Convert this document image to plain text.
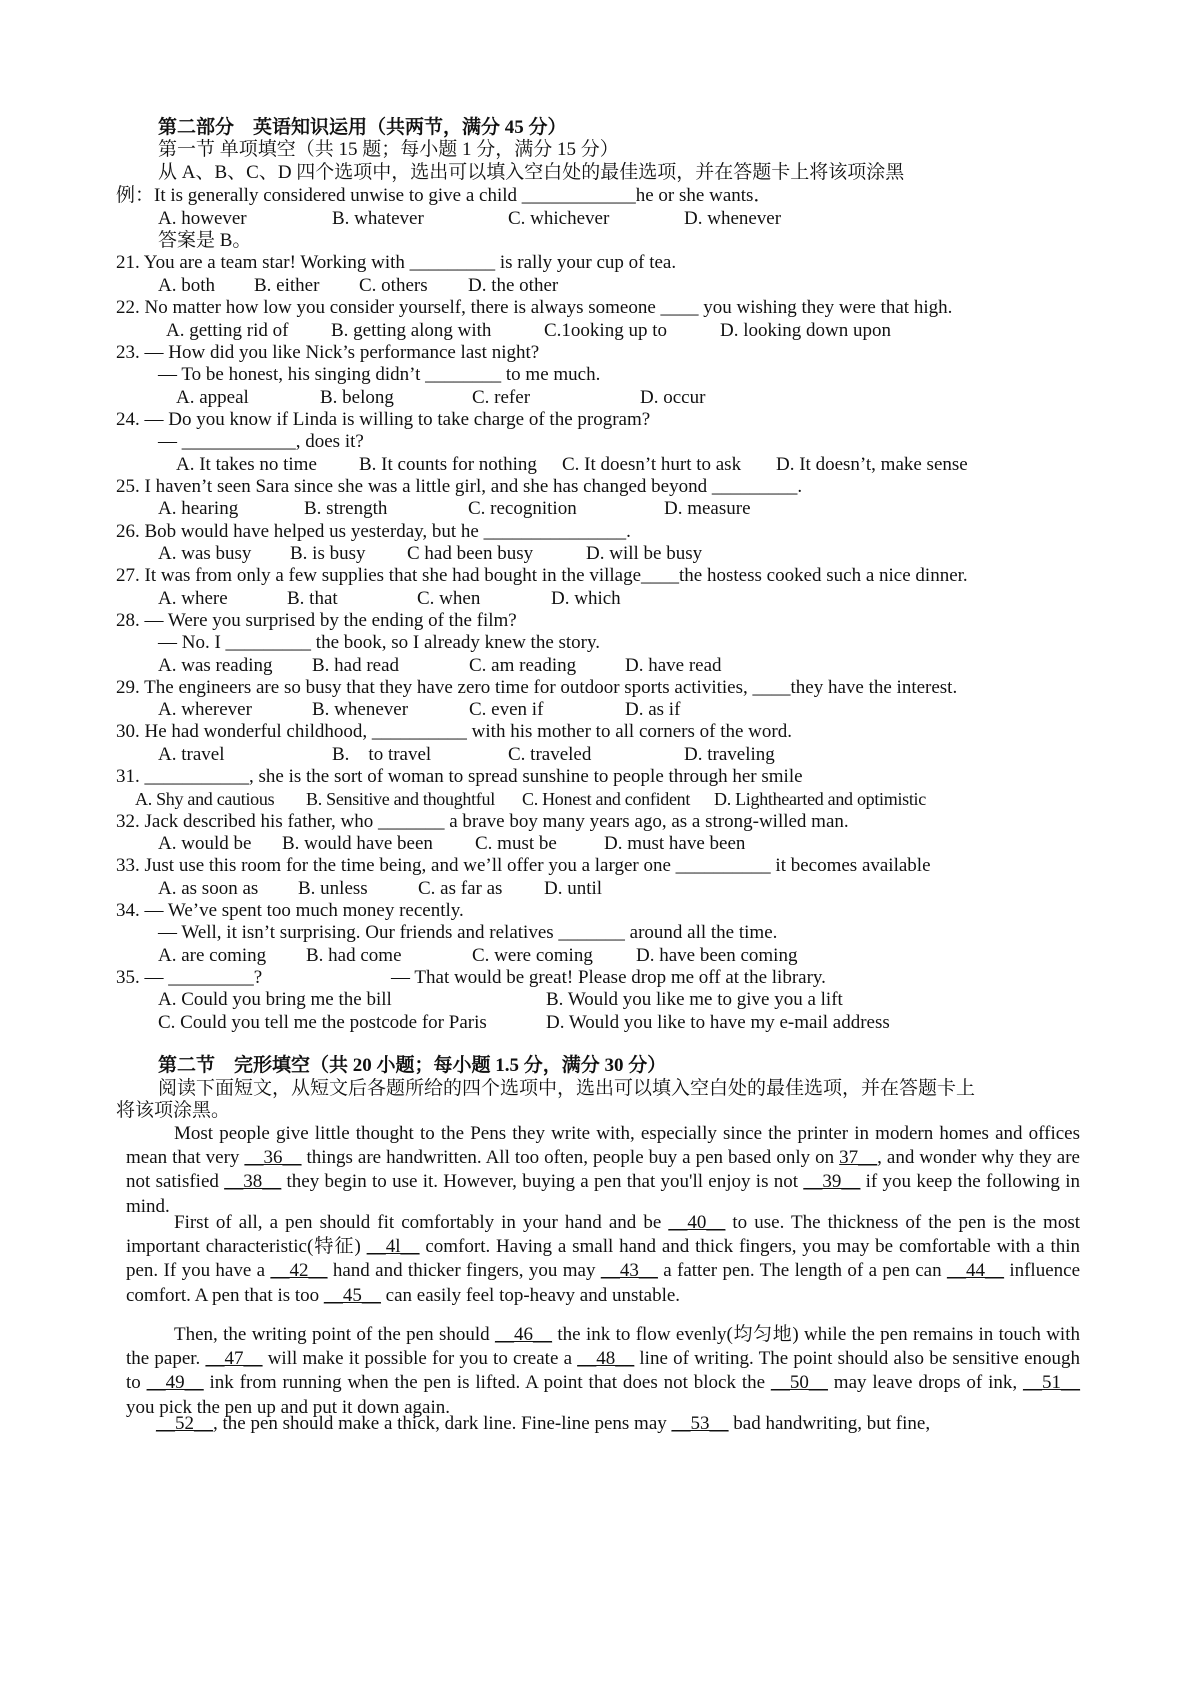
第二部分　英语知识运用（共两节，满分 45 分）
第一节 单项填空（共 15 题；每小题 1 分，满分 15 分）
从 A、B、C、D 四个选项中，选出可以填入空白处的最佳选项，并在答题卡上将该项涂黑
例：It is generally considered unwise to give a child ____________he or she wants．
A. however	B. whatever	C. whichever	D. whenever
答案是 B。
21. You are a team star! Working with _________ is rally your cup of tea.
A. both B. either C. others D. the other
22. No matter how low you consider yourself, there is always someone ____ you wishing they were that high.
A. getting rid of B. getting along with	C.1ooking up to	D. looking down upon
23. — How did you like Nick’s performance last night?
— To be honest, his singing didn’t ________ to me much.
A. appeal	B. belong	C. refer	D. occur
24. — Do you know if Linda is willing to take charge of the program?
— ____________, does it?
A. It takes no time B. It counts for nothing C. It doesn’t hurt to ask D. It doesn’t, make sense
25. I haven’t seen Sara since she was a little girl, and she has changed beyond _________.
A. hearing	B. strength	C. recognition	D. measure
26. Bob would have helped us yesterday, but he _______________.
A. was busy B. is busy C had been busy	D. will be busy
27. It was from only a few supplies that she had bought in the village____the hostess cooked such a nice dinner.
A. where	B. that	C. when	D. which
28. — Were you surprised by the ending of the film?
— No. I _________ the book, so I already knew the story.
A. was reading B. had read	C. am reading	D. have read
29. The engineers are so busy that they have zero time for outdoor sports activities, ____they have the interest.
A. wherever	B. whenever	C. even if	D. as if
30. He had wonderful childhood, __________ with his mother to all corners of the word.
A. travel	B.　to travel	C. traveled	D. traveling
31. ___________, she is the sort of woman to spread sunshine to people through her smile
A. Shy and cautious B. Sensitive and thoughtful C. Honest and confident D. Lighthearted and optimistic
32. Jack described his father, who _______ a brave boy many years ago, as a strong-willed man.
A. would be B. would have been C. must be D. must have been
33. Just use this room for the time being, and we’ll offer you a larger one __________ it becomes available
A. as soon as B. unless	C. as far as D. until
34. — We’ve spent too much money recently.
— Well, it isn’t surprising. Our friends and relatives _______ around all the time.
A. are coming B. had come	C. were coming D. have been coming
35. — _________?	— That would be great! Please drop me off at the library.
A. Could you bring me the bill	B. Would you like me to give you a lift
C. Could you tell me the postcode for Paris	D. Would you like to have my e-mail address
第二节　完形填空（共 20 小题；每小题 1.5 分，满分 30 分）
阅读下面短文，从短文后各题所给的四个选项中，选出可以填入空白处的最佳选项，并在答题卡上
将该项涂黑。
Most people give little thought to the Pens they write with, especially since the printer in modern homes and offices mean that very __36__ things are handwritten. All too often, people buy a pen based only on 37__, and wonder why they are not satisfied __38__ they begin to use it. However, buying a pen that you'll enjoy is not __39__ if you keep the following in mind.
First of all, a pen should fit comfortably in your hand and be __40__ to use. The thickness of the pen is the most important characteristic(特征) __4l__ comfort. Having a small hand and thick fingers, you may be comfortable with a thin pen. If you have a __42__ hand and thicker fingers, you may __43__ a fatter pen. The length of a pen can __44__ influence comfort. A pen that is too __45__ can easily feel top-heavy and unstable.
Then, the writing point of the pen should __46__ the ink to flow evenly(均匀地) while the pen remains in touch with the paper. __47__ will make it possible for you to create a __48__ line of writing. The point should also be sensitive enough to __49__ ink from running when the pen is lifted. A point that does not block the __50__ may leave drops of ink, __51__ you pick the pen up and put it down again.
__52__, the pen should make a thick, dark line. Fine-line pens may __53__ bad handwriting, but fine,
